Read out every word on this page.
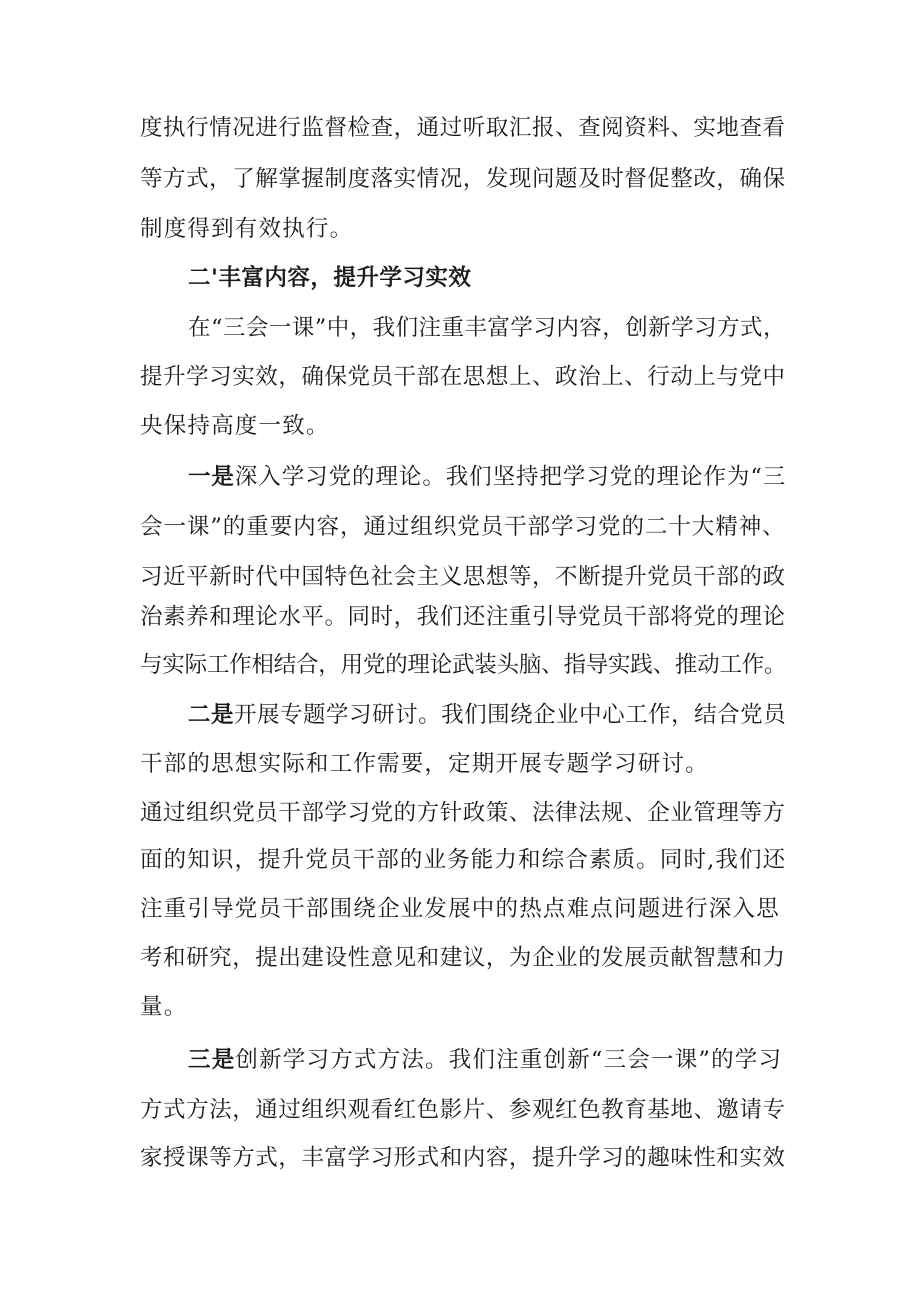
度执行情况进行监督检查，通过听取汇报、查阅资料、实地查看
等方式，了解掌握制度落实情况，发现问题及时督促整改，确保
制度得到有效执行。
二'丰富内容，提升学习实效
在“三会一课”中，我们注重丰富学习内容，创新学习方式，
提升学习实效，确保党员干部在思想上、政治上、行动上与党中
央保持高度一致。
一是深入学习党的理论。我们坚持把学习党的理论作为“三
会一课”的重要内容，通过组织党员干部学习党的二十大精神、
习近平新时代中国特色社会主义思想等，不断提升党员干部的政
治素养和理论水平。同时，我们还注重引导党员干部将党的理论
与实际工作相结合，用党的理论武装头脑、指导实践、推动工作。
二是开展专题学习研讨。我们围绕企业中心工作，结合党员
干部的思想实际和工作需要，定期开展专题学习研讨。
通过组织党员干部学习党的方针政策、法律法规、企业管理等方
面的知识，提升党员干部的业务能力和综合素质。同时,我们还
注重引导党员干部围绕企业发展中的热点难点问题进行深入思
考和研究，提出建设性意见和建议，为企业的发展贡献智慧和力
量。
三是创新学习方式方法。我们注重创新“三会一课”的学习
方式方法，通过组织观看红色影片、参观红色教育基地、邀请专
家授课等方式，丰富学习形式和内容，提升学习的趣味性和实效
